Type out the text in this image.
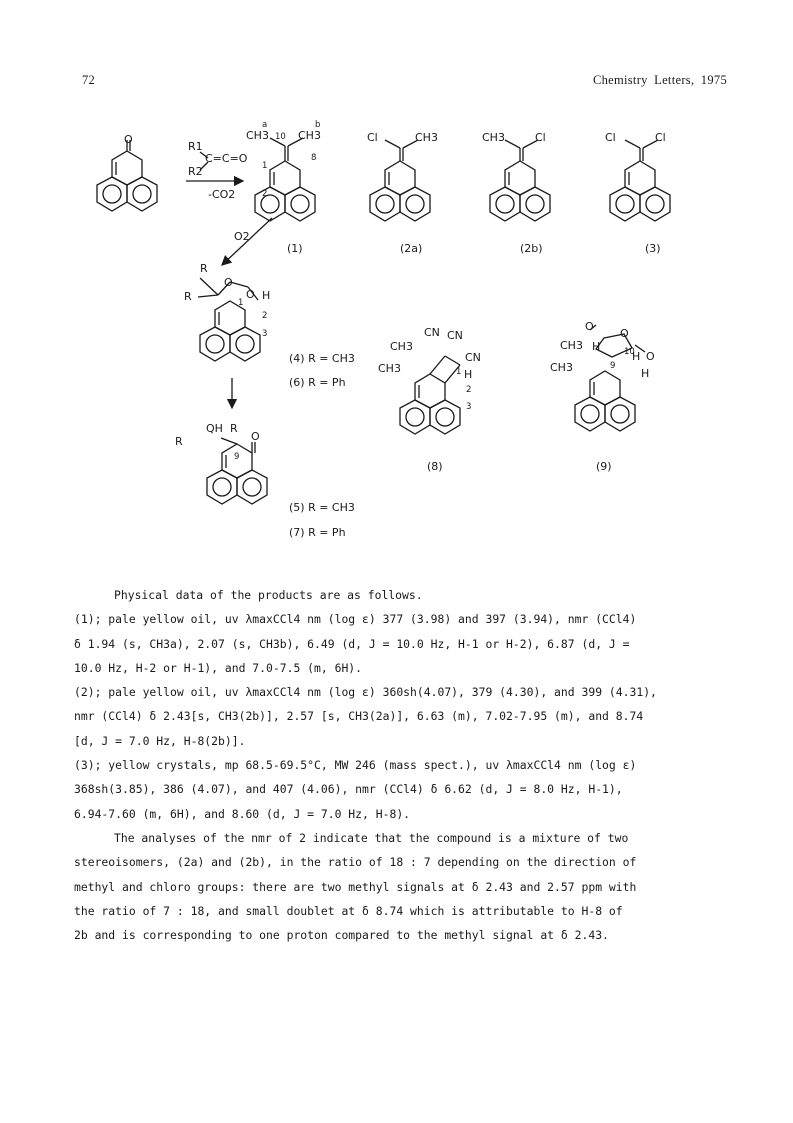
72	Chemistry Letters, 1975
O
R1
C=C=O
R2
-CO2
CH3	CH3
a
10
b
1
8
2
(1)
Cl	CH3
(2a)
CH3	Cl
(2b)
Cl	Cl
(3)
O2
R
R
O
O H
1
2
3
(4) R = CH3
(6) R = Ph
QH R
R	O
9
(5) R = CH3
(7) R = Ph
CH3
CH3
CN CN
CN
H
1
2
3
(8)
O
O
O
CH3
CH3
H
H
H
10
9
(9)

Physical data of the products are as follows.

(1); pale yellow oil, uv λmaxCCl4 nm (log ε) 377 (3.98) and 397 (3.94), nmr (CCl4)

δ 1.94 (s, CH3a), 2.07 (s, CH3b), 6.49 (d, J = 10.0 Hz, H-1 or H-2), 6.87 (d, J =

10.0 Hz, H-2 or H-1), and 7.0-7.5 (m, 6H).

(2); pale yellow oil, uv λmaxCCl4 nm (log ε) 360sh(4.07), 379 (4.30), and 399 (4.31),

nmr (CCl4) δ 2.43[s, CH3(2b)], 2.57 [s, CH3(2a)], 6.63 (m), 7.02-7.95 (m), and 8.74

[d, J = 7.0 Hz, H-8(2b)].

(3); yellow crystals, mp 68.5-69.5°C, MW 246 (mass spect.), uv λmaxCCl4 nm (log ε)

368sh(3.85), 386 (4.07), and 407 (4.06), nmr (CCl4) δ 6.62 (d, J = 8.0 Hz, H-1),

6.94-7.60 (m, 6H), and 8.60 (d, J = 7.0 Hz, H-8).

The analyses of the nmr of 2 indicate that the compound is a mixture of two

stereoisomers, (2a) and (2b), in the ratio of 18 : 7 depending on the direction of

methyl and chloro groups: there are two methyl signals at δ 2.43 and 2.57 ppm with

the ratio of 7 : 18, and small doublet at δ 8.74 which is attributable to H-8 of

2b and is corresponding to one proton compared to the methyl signal at δ 2.43.
